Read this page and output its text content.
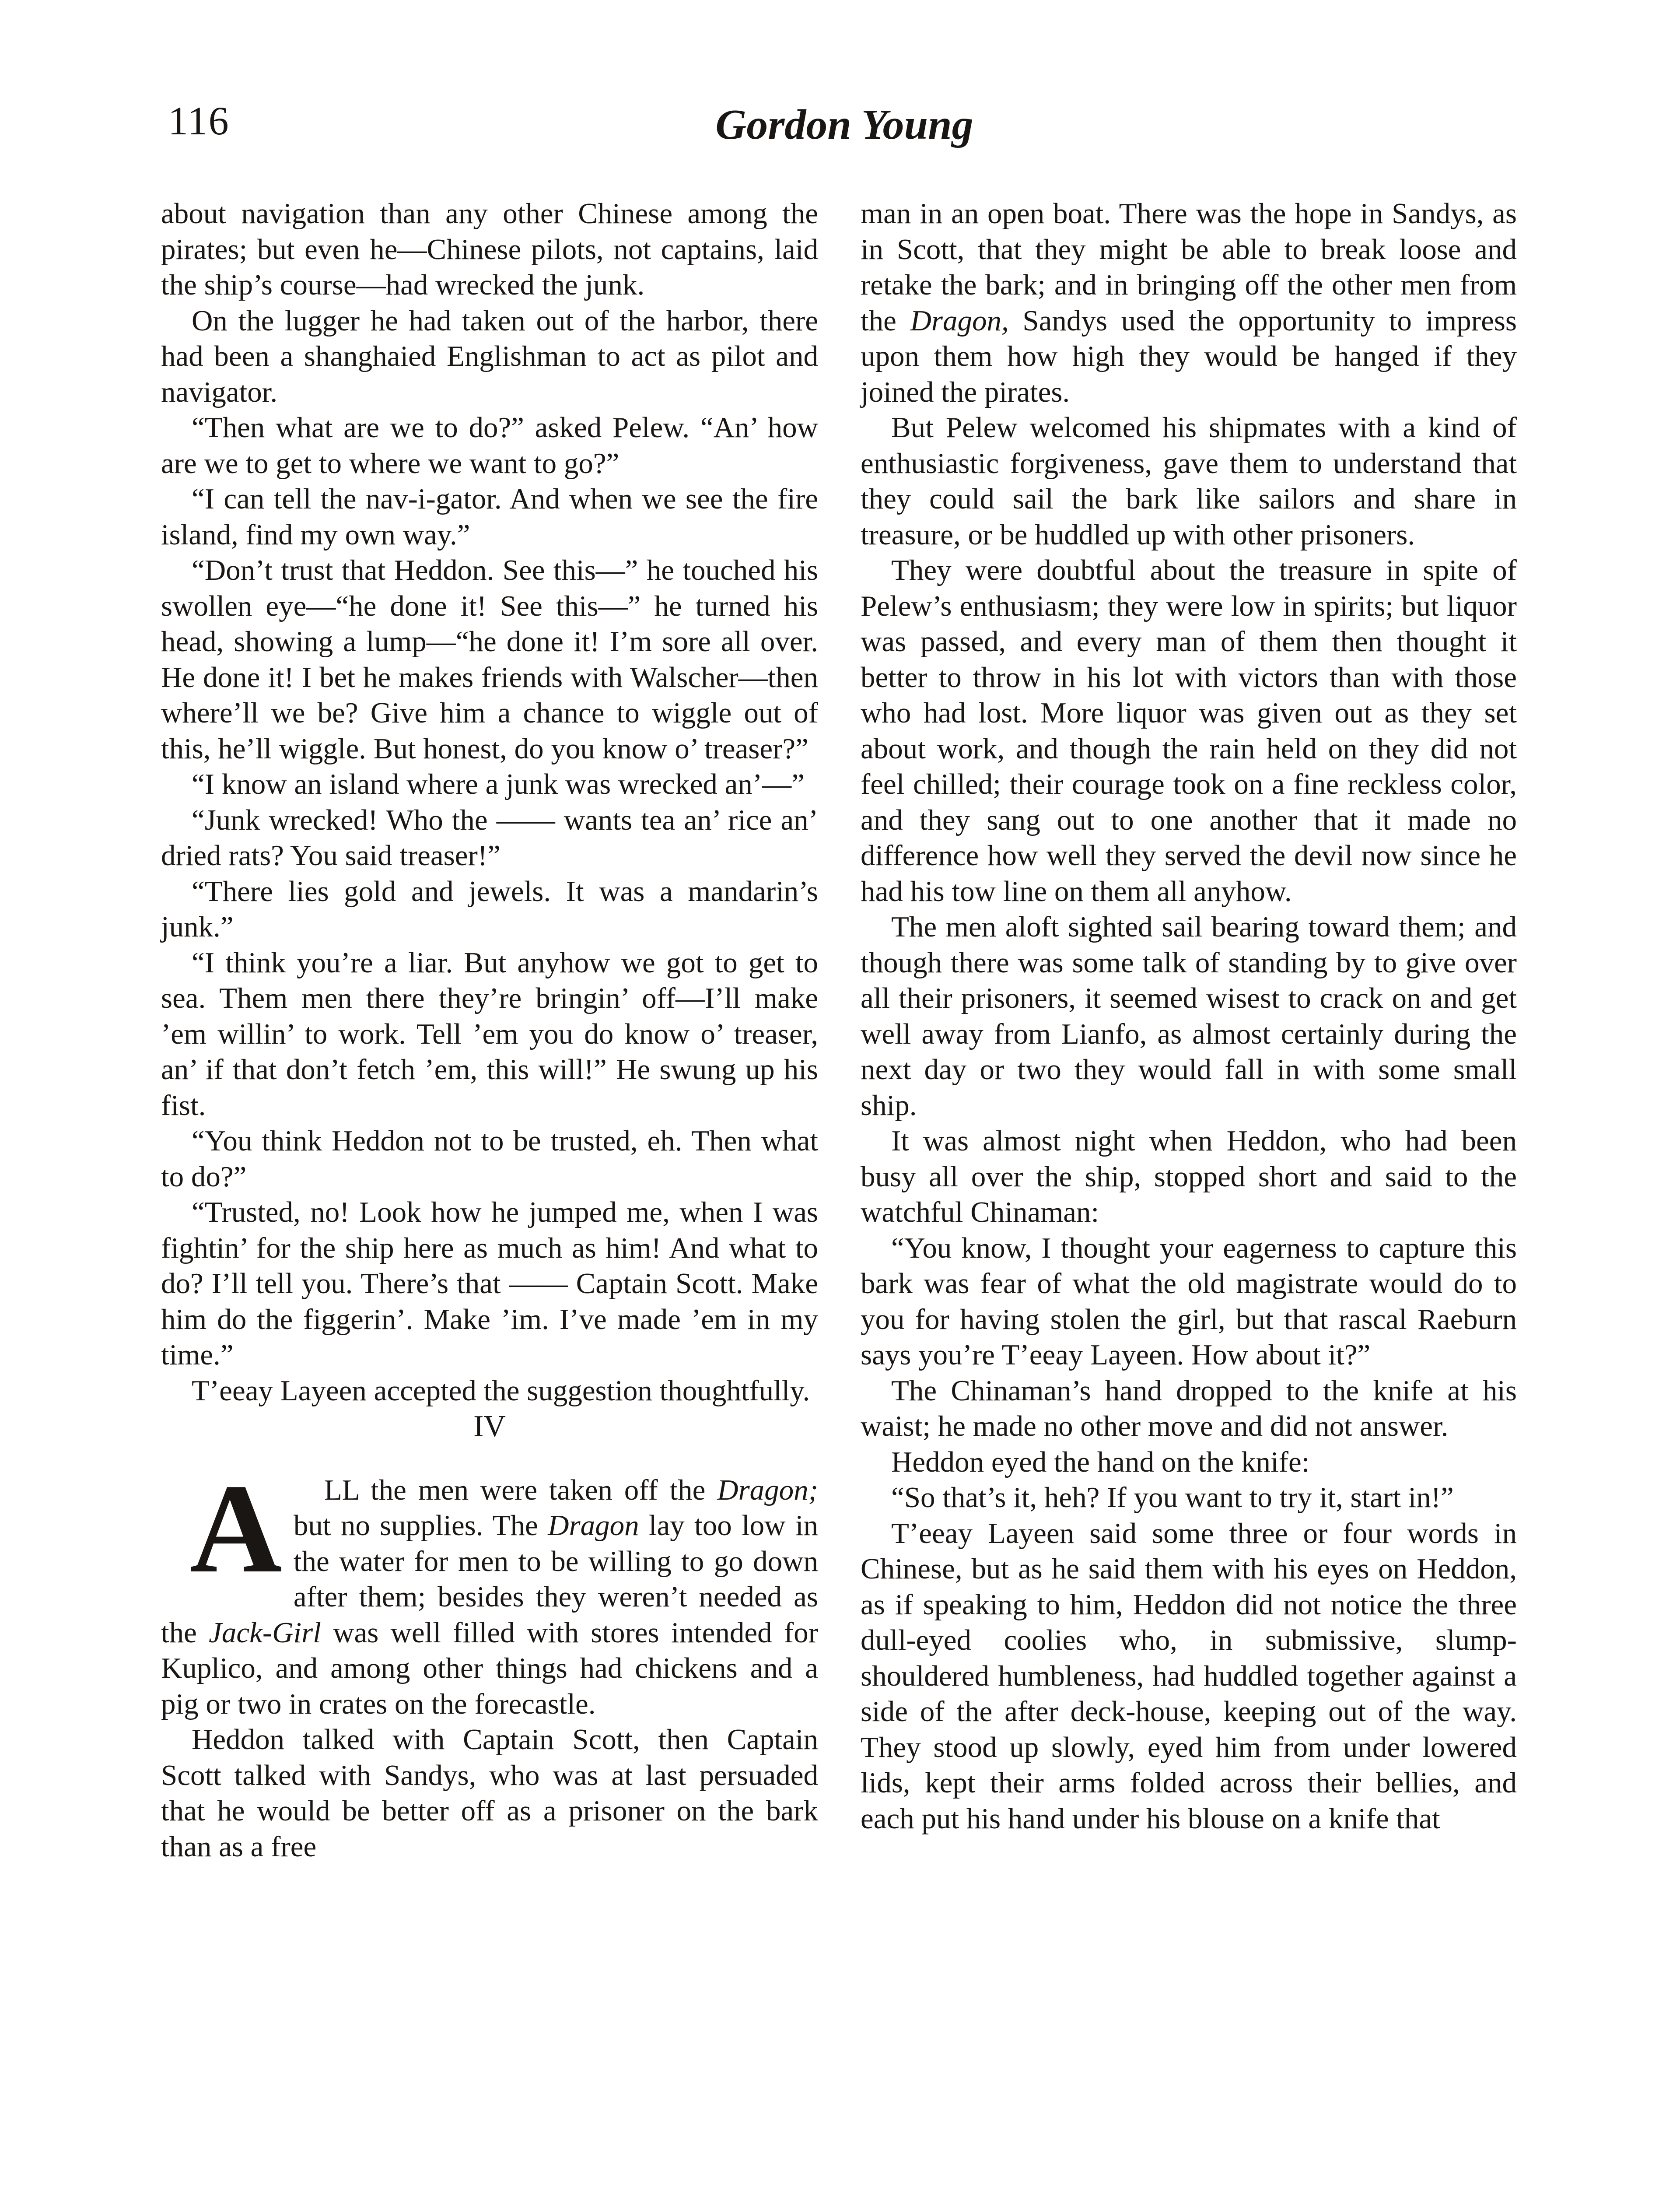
116	Gordon Young

about navigation than any other Chinese among the pirates; but even he—Chinese pilots, not captains, laid the ship’s course—had wrecked the junk.

On the lugger he had taken out of the harbor, there had been a shanghaied Englishman to act as pilot and navigator.

“Then what are we to do?” asked Pelew. “An’ how are we to get to where we want to go?”

“I can tell the nav-i-gator. And when we see the fire island, find my own way.”

“Don’t trust that Heddon. See this—” he touched his swollen eye—“he done it! See this—” he turned his head, showing a lump—“he done it! I’m sore all over. He done it! I bet he makes friends with Walscher—then where’ll we be? Give him a chance to wiggle out of this, he’ll wiggle. But honest, do you know o’ treaser?”

“I know an island where a junk was wrecked an’—”

“Junk wrecked! Who the —— wants tea an’ rice an’ dried rats? You said treaser!”

“There lies gold and jewels. It was a mandarin’s junk.”

“I think you’re a liar. But anyhow we got to get to sea. Them men there they’re bringin’ off—I’ll make ’em willin’ to work. Tell ’em you do know o’ treaser, an’ if that don’t fetch ’em, this will!” He swung up his fist.

“You think Heddon not to be trusted, eh. Then what to do?”

“Trusted, no! Look how he jumped me, when I was fightin’ for the ship here as much as him! And what to do? I’ll tell you. There’s that —— Captain Scott. Make him do the figgerin’. Make ’im. I’ve made ’em in my time.”

T’eeay Layeen accepted the suggestion thoughtfully.

IV

A LL the men were taken off the Dragon; but no supplies. The Dragon lay too low in the water for men to be willing to go down after them; besides they weren’t needed as the Jack-Girl was well filled with stores intended for Kuplico, and among other things had chickens and a pig or two in crates on the forecastle.

Heddon talked with Captain Scott, then Captain Scott talked with Sandys, who was at last persuaded that he would be better off as a prisoner on the bark than as a free

man in an open boat. There was the hope in Sandys, as in Scott, that they might be able to break loose and retake the bark; and in bringing off the other men from the Dragon, Sandys used the opportunity to impress upon them how high they would be hanged if they joined the pirates.

But Pelew welcomed his shipmates with a kind of enthusiastic forgiveness, gave them to understand that they could sail the bark like sailors and share in treasure, or be huddled up with other prisoners.

They were doubtful about the treasure in spite of Pelew’s enthusiasm; they were low in spirits; but liquor was passed, and every man of them then thought it better to throw in his lot with victors than with those who had lost. More liquor was given out as they set about work, and though the rain held on they did not feel chilled; their courage took on a fine reckless color, and they sang out to one another that it made no difference how well they served the devil now since he had his tow line on them all anyhow.

The men aloft sighted sail bearing toward them; and though there was some talk of standing by to give over all their prisoners, it seemed wisest to crack on and get well away from Lianfo, as almost certainly during the next day or two they would fall in with some small ship.

It was almost night when Heddon, who had been busy all over the ship, stopped short and said to the watchful Chinaman:

“You know, I thought your eagerness to capture this bark was fear of what the old magistrate would do to you for having stolen the girl, but that rascal Raeburn says you’re T’eeay Layeen. How about it?”

The Chinaman’s hand dropped to the knife at his waist; he made no other move and did not answer.

Heddon eyed the hand on the knife:

“So that’s it, heh? If you want to try it, start in!”

T’eeay Layeen said some three or four words in Chinese, but as he said them with his eyes on Heddon, as if speaking to him, Heddon did not notice the three dull-eyed coolies who, in submissive, slump-shouldered humbleness, had huddled together against a side of the after deck-house, keeping out of the way. They stood up slowly, eyed him from under lowered lids, kept their arms folded across their bellies, and each put his hand under his blouse on a knife that
